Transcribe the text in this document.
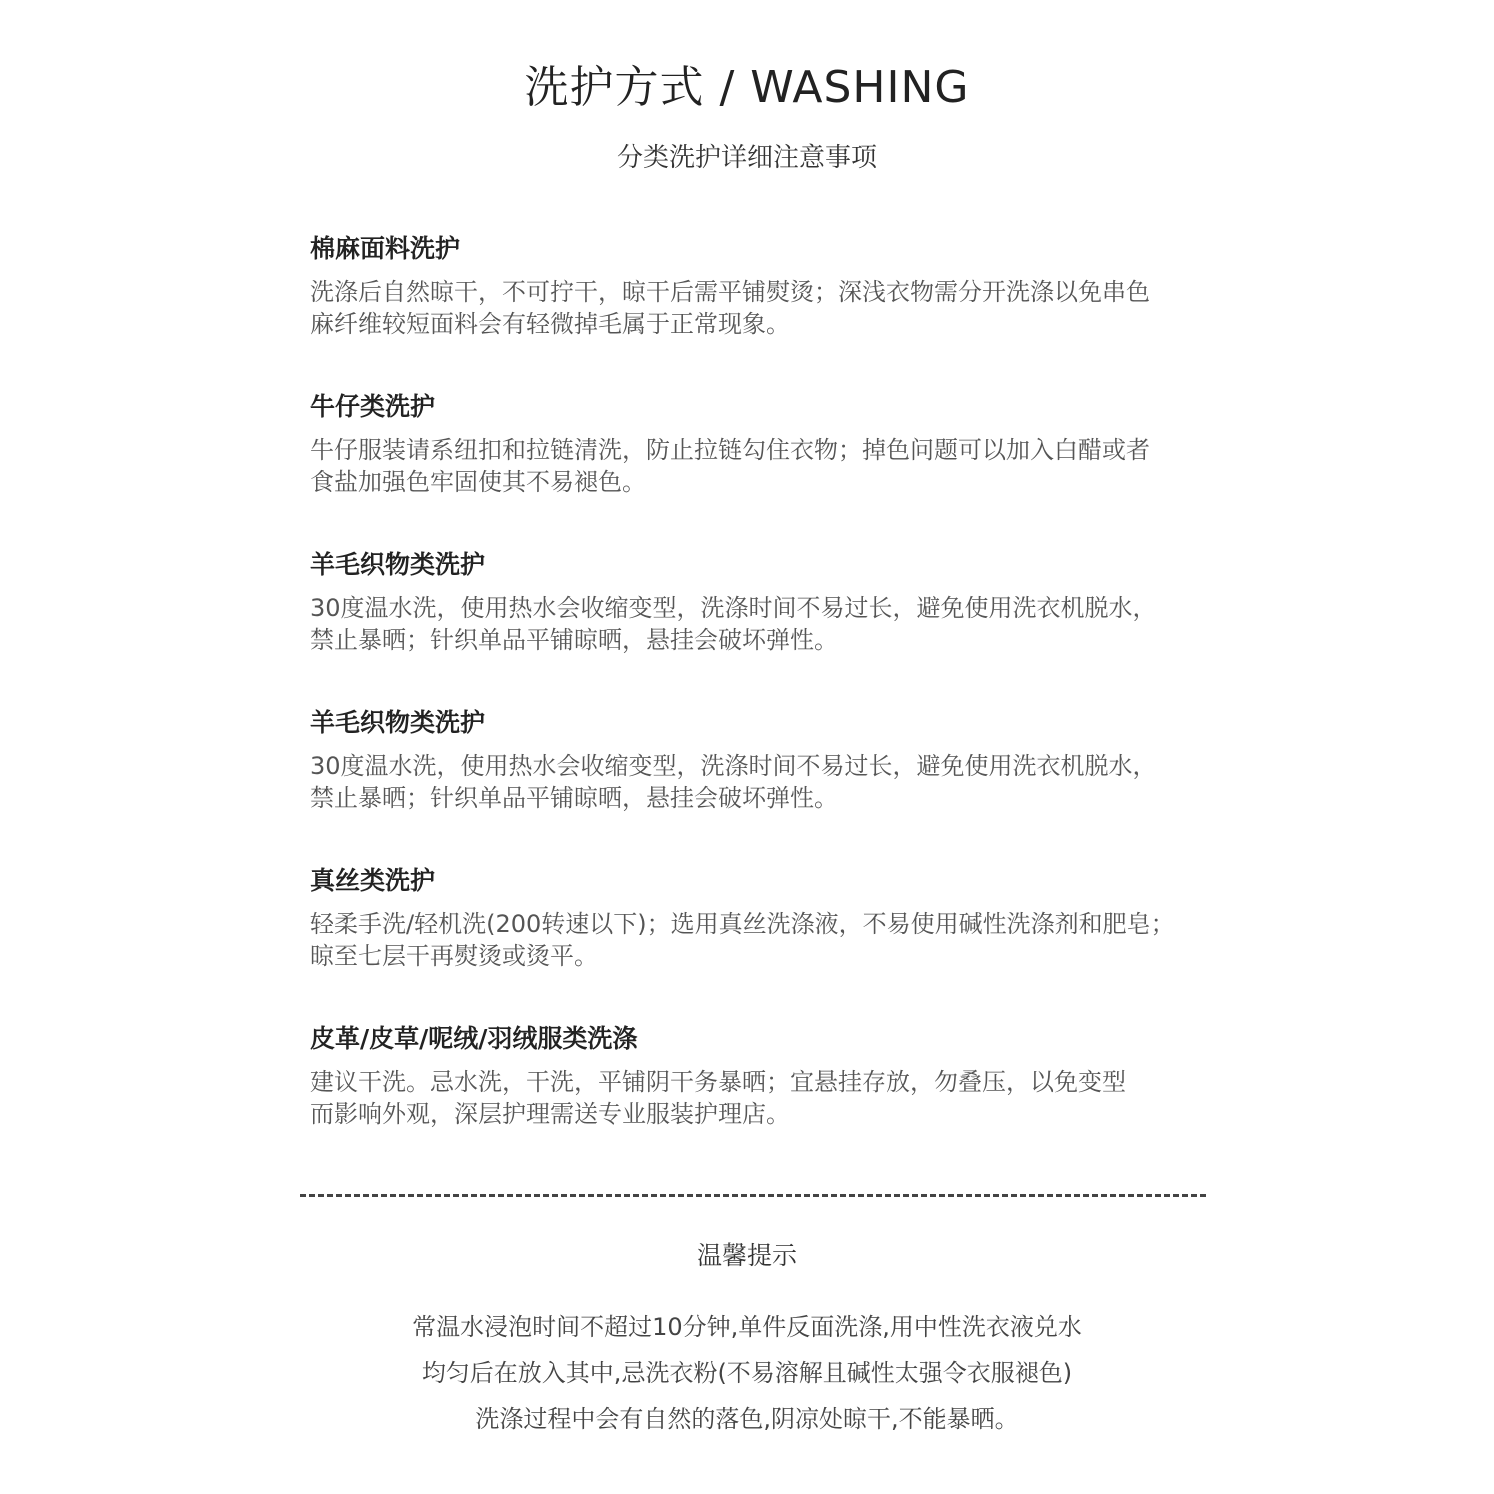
洗护方式 / WASHING
分类洗护详细注意事项
棉麻面料洗护

洗涤后自然晾干，不可拧干，晾干后需平铺熨烫；深浅衣物需分开洗涤以免串色

麻纤维较短面料会有轻微掉毛属于正常现象。

牛仔类洗护

牛仔服装请系纽扣和拉链清洗，防止拉链勾住衣物；掉色问题可以加入白醋或者

食盐加强色牢固使其不易褪色。

羊毛织物类洗护

30度温水洗，使用热水会收缩变型，洗涤时间不易过长，避免使用洗衣机脱水，

禁止暴晒；针织单品平铺晾晒，悬挂会破坏弹性。

羊毛织物类洗护

30度温水洗，使用热水会收缩变型，洗涤时间不易过长，避免使用洗衣机脱水，

禁止暴晒；针织单品平铺晾晒，悬挂会破坏弹性。

真丝类洗护

轻柔手洗/轻机洗(200转速以下)；选用真丝洗涤液，不易使用碱性洗涤剂和肥皂；

晾至七层干再熨烫或烫平。

皮革/皮草/呢绒/羽绒服类洗涤

建议干洗。忌水洗，干洗，平铺阴干务暴晒；宜悬挂存放，勿叠压，以免变型

而影响外观，深层护理需送专业服装护理店。

温馨提示

常温水浸泡时间不超过10分钟,单件反面洗涤,用中性洗衣液兑水

均匀后在放入其中,忌洗衣粉(不易溶解且碱性太强令衣服褪色)

洗涤过程中会有自然的落色,阴凉处晾干,不能暴晒。
